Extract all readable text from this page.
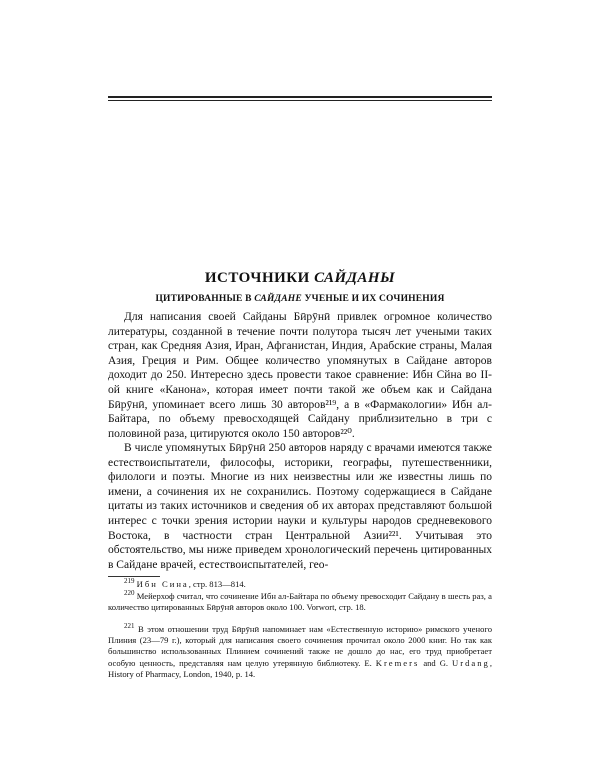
ИСТОЧНИКИ САЙДАНЫ
ЦИТИРОВАННЫЕ В САЙДАНЕ УЧЕНЫЕ И ИХ СОЧИНЕНИЯ

Для написания своей Сайданы Бӣрӯнӣ привлек огромное количество литературы, созданной в течение почти полутора тысяч лет учеными таких стран, как Средняя Азия, Иран, Афганистан, Индия, Арабские страны, Малая Азия, Греция и Рим. Общее количество упомянутых в Сайдане авторов доходит до 250. Интересно здесь провести такое сравнение: Ибн Сйна во II-ой книге «Канона», которая имеет почти такой же объем как и Сайдана Бӣрӯнӣ, упоминает всего лишь 30 авторов²¹⁹, а в «Фармакологии» Ибн ал-Байтара, по объему превосходящей Сайдану приблизительно в три с половиной раза, цитируются около 150 авторов²²⁰.

В числе упомянутых Бӣрӯнӣ 250 авторов наряду с врачами имеются также естествоиспытатели, философы, историки, географы, путешественники, филологи и поэты. Многие из них неизвестны или же известны лишь по имени, а сочинения их не сохранились. Поэтому содержащиеся в Сайдане цитаты из таких источников и сведения об их авторах представляют большой интерес с точки зрения истории науки и культуры народов средневекового Востока, в частности стран Центральной Азии²²¹. Учитывая это обстоятельство, мы ниже приведем хронологический перечень цитированных в Сайдане врачей, естествоиспытателей, гео-

$^{219}$ Ибн Сина, стр. 813—814.

$^{220}$ Мейерхоф считал, что сочинение Ибн ал-Байтара по объему превосходит Сайдану в шесть раз, а количество цитированных Бӣрӯнӣ авторов около 100. Vorwort, стр. 18.

$^{221}$ В этом отношении труд Бӣрӯнӣ напоминает нам «Естественную историю» римского ученого Плиния (23—79 г.), который для написания своего сочинения прочитал около 2000 книг. Но так как большинство использованных Плинием сочинений также не дошло до нас, его труд приобретает особую ценность, представляя нам целую утерянную библиотеку. E. Kremers and G. Urdang, History of Pharmacy, London, 1940, p. 14.
